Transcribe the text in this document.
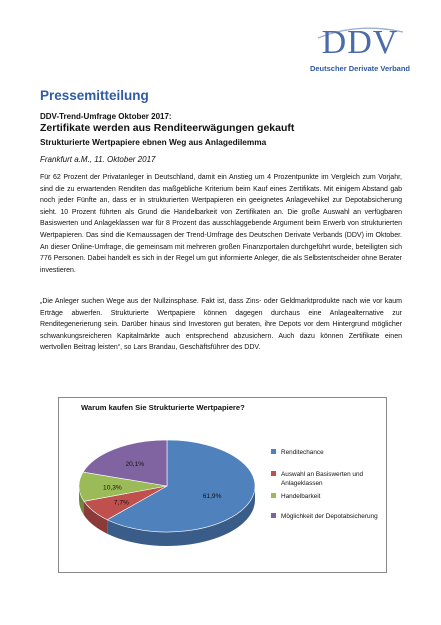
DDV
Deutscher Derivate Verband
Pressemitteilung
DDV-Trend-Umfrage Oktober 2017:
Zertifikate werden aus Renditeerwägungen gekauft
Strukturierte Wertpapiere ebnen Weg aus Anlagedilemma
Frankfurt a.M., 11. Oktober 2017
Für 62 Prozent der Privatanleger in Deutschland, damit ein Anstieg um 4 Prozentpunkte im Vergleich zum Vorjahr, sind die zu erwartenden Renditen das maßgebliche Kriterium beim Kauf eines Zertifikats. Mit einigem Abstand gab noch jeder Fünfte an, dass er in strukturierten Wertpapieren ein geeignetes Anlagevehikel zur Depotabsicherung sieht. 10 Prozent führten als Grund die Handelbarkeit von Zertifikaten an. Die große Auswahl an verfügbaren Basiswerten und Anlageklassen war für 8 Prozent das ausschlaggebende Argument beim Erwerb von strukturierten Wertpapieren. Das sind die Kernaussagen der Trend-Umfrage des Deutschen Derivate Verbands (DDV) im Oktober. An dieser Online-Umfrage, die gemeinsam mit mehreren großen Finanzportalen durchgeführt wurde, beteiligten sich 776 Personen. Dabei handelt es sich in der Regel um gut informierte Anleger, die als Selbstentscheider ohne Berater investieren.
„Die Anleger suchen Wege aus der Nullzinsphase. Fakt ist, dass Zins- oder Geldmarktprodukte nach wie vor kaum Erträge abwerfen. Strukturierte Wertpapiere können dagegen durchaus eine Anlagealternative zur Renditegenerierung sein. Darüber hinaus sind Investoren gut beraten, ihre Depots vor dem Hintergrund möglicher schwankungsreicheren Kapitalmärkte auch entsprechend abzusichern. Auch dazu können Zertifikate einen wertvollen Beitrag leisten“, so Lars Brandau, Geschäftsführer des DDV.
Warum kaufen Sie Strukturierte Wertpapiere?
61,9%
7,7%
10,3%
20,1%
Renditechance
Auswahl an Basiswerten und Anlageklassen
Handelbarkeit
Möglichkeit der Depotabsicherung
